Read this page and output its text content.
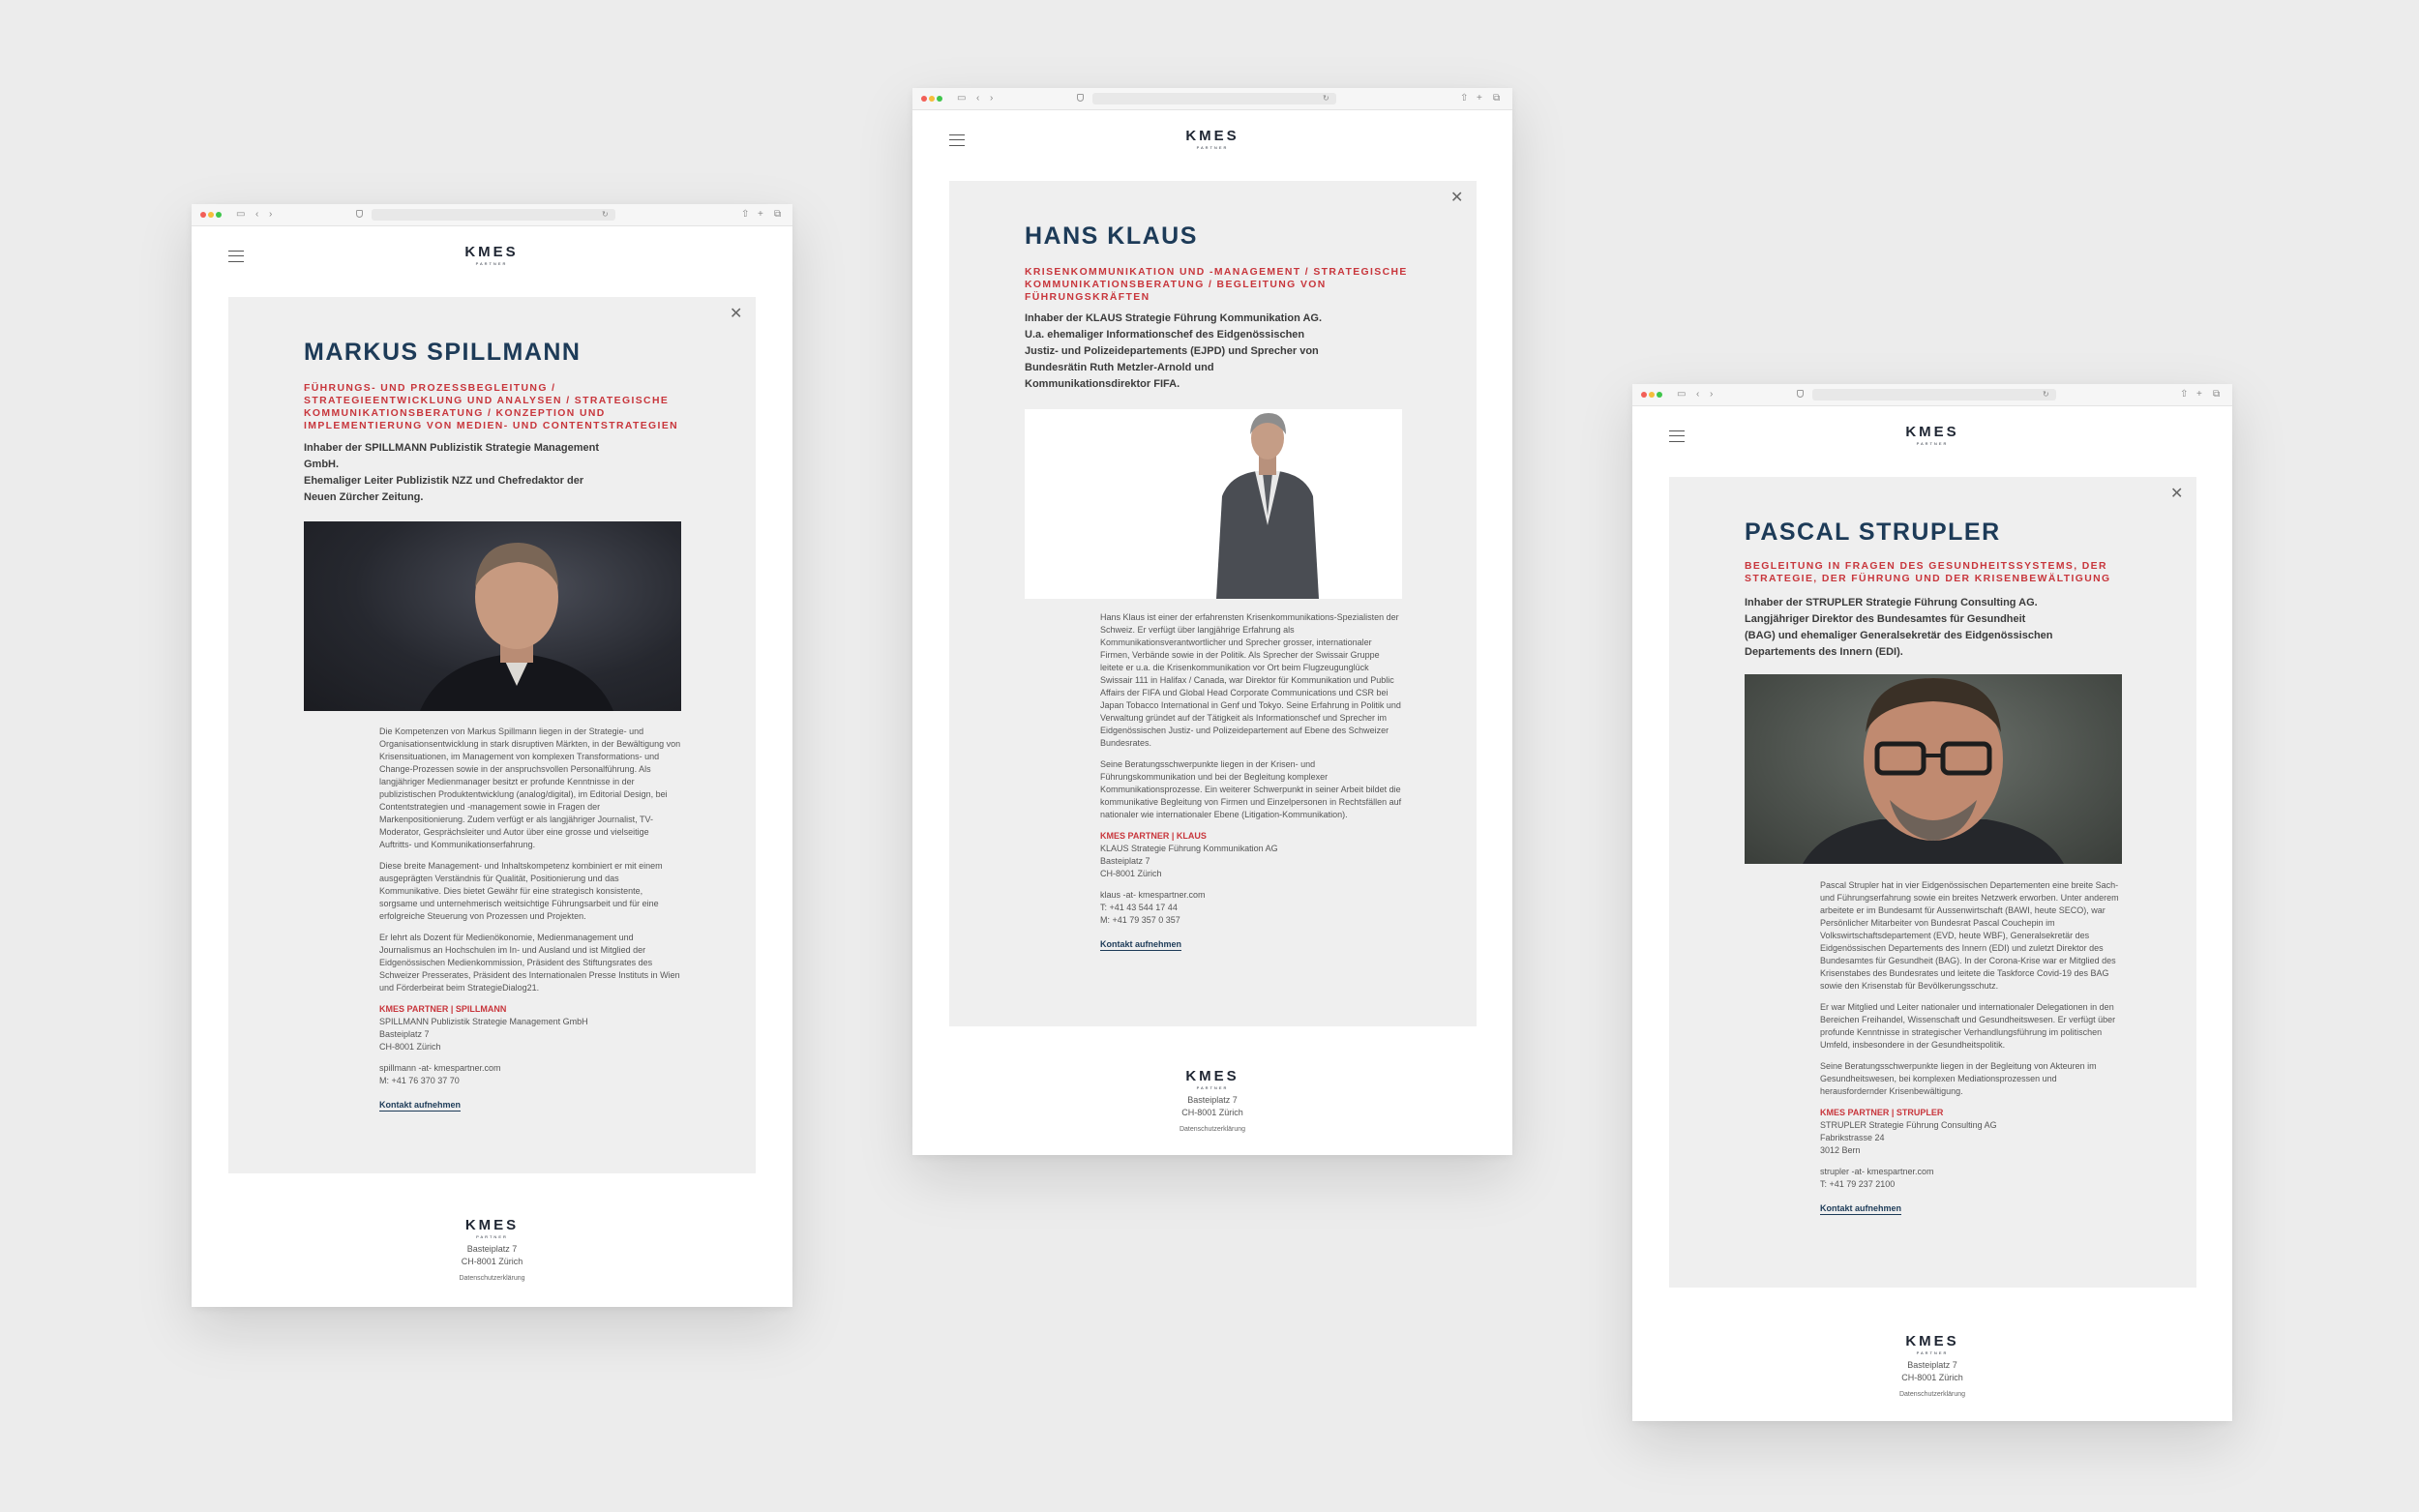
▭ ‹ ›	↻	⇧ + ⧉
KMES
PARTNER
✕
MARKUS SPILLMANN

FÜHRUNGS- UND PROZESSBEGLEITUNG / STRATEGIEENTWICKLUNG UND ANALYSEN / STRATEGISCHE KOMMUNIKATIONSBERATUNG / KONZEPTION UND IMPLEMENTIERUNG VON MEDIEN- UND CONTENTSTRATEGIEN

Inhaber der SPILLMANN Publizistik Strategie Management GmbH.
Ehemaliger Leiter Publizistik NZZ und Chefredaktor der Neuen Zürcher Zeitung.

Die Kompetenzen von Markus Spillmann liegen in der Strategie- und Organisationsentwicklung in stark disruptiven Märkten, in der Bewältigung von Krisensituationen, im Management von komplexen Transformations- und Change-Prozessen sowie in der anspruchsvollen Personalführung. Als langjähriger Medienmanager besitzt er profunde Kenntnisse in der publizistischen Produktentwicklung (analog/digital), im Editorial Design, bei Contentstrategien und -management sowie in Fragen der Markenpositionierung. Zudem verfügt er als langjähriger Journalist, TV-Moderator, Gesprächsleiter und Autor über eine grosse und vielseitige Auftritts- und Kommunikationserfahrung.

Diese breite Management- und Inhaltskompetenz kombiniert er mit einem ausgeprägten Verständnis für Qualität, Positionierung und das Kommunikative. Dies bietet Gewähr für eine strategisch konsistente, sorgsame und unternehmerisch weitsichtige Führungsarbeit und für eine erfolgreiche Steuerung von Prozessen und Projekten.

Er lehrt als Dozent für Medienökonomie, Medienmanagement und Journalismus an Hochschulen im In- und Ausland und ist Mitglied der Eidgenössischen Medienkommission, Präsident des Stiftungsrates des Schweizer Presserates, Präsident des Internationalen Presse Instituts in Wien und Förderbeirat beim StrategieDialog21.

KMES PARTNER | SPILLMANN
SPILLMANN Publizistik Strategie Management GmbH
Basteiplatz 7
CH-8001 Zürich
spillmann -at- kmespartner.com
M: +41 76 370 37 70
Kontakt aufnehmen
KMES
PARTNER
Basteiplatz 7
CH-8001 Zürich
Datenschutzerklärung
▭ ‹ ›	↻	⇧ + ⧉
KMES
PARTNER
✕
HANS KLAUS

KRISENKOMMUNIKATION UND -MANAGEMENT / STRATEGISCHE KOMMUNIKATIONSBERATUNG / BEGLEITUNG VON FÜHRUNGSKRÄFTEN

Inhaber der KLAUS Strategie Führung Kommunikation AG.
U.a. ehemaliger Informationschef des Eidgenössischen Justiz- und Polizeidepartements (EJPD) und Sprecher von Bundesrätin Ruth Metzler-Arnold und Kommunikationsdirektor FIFA.

Hans Klaus ist einer der erfahrensten Krisenkommunikations-Spezialisten der Schweiz. Er verfügt über langjährige Erfahrung als Kommunikationsverantwortlicher und Sprecher grosser, internationaler Firmen, Verbände sowie in der Politik. Als Sprecher der Swissair Gruppe leitete er u.a. die Krisenkommunikation vor Ort beim Flugzeugunglück Swissair 111 in Halifax / Canada, war Direktor für Kommunikation und Public Affairs der FIFA und Global Head Corporate Communications und CSR bei Japan Tobacco International in Genf und Tokyo. Seine Erfahrung in Politik und Verwaltung gründet auf der Tätigkeit als Informationschef und Sprecher im Eidgenössischen Justiz- und Polizeidepartement auf Ebene des Schweizer Bundesrates.

Seine Beratungsschwerpunkte liegen in der Krisen- und Führungskommunikation und bei der Begleitung komplexer Kommunikationsprozesse. Ein weiterer Schwerpunkt in seiner Arbeit bildet die kommunikative Begleitung von Firmen und Einzelpersonen in Rechtsfällen auf nationaler wie internationaler Ebene (Litigation-Kommunikation).

KMES PARTNER | KLAUS
KLAUS Strategie Führung Kommunikation AG
Basteiplatz 7
CH-8001 Zürich
klaus -at- kmespartner.com
T: +41 43 544 17 44
M: +41 79 357 0 357
Kontakt aufnehmen
KMES
PARTNER
Basteiplatz 7
CH-8001 Zürich
Datenschutzerklärung
▭ ‹ ›	↻	⇧ + ⧉
KMES
PARTNER
✕
PASCAL STRUPLER

BEGLEITUNG IN FRAGEN DES GESUNDHEITSSYSTEMS, DER STRATEGIE, DER FÜHRUNG UND DER KRISENBEWÄLTIGUNG

Inhaber der STRUPLER Strategie Führung Consulting AG.
Langjähriger Direktor des Bundesamtes für Gesundheit (BAG) und ehemaliger Generalsekretär des Eidgenössischen Departements des Innern (EDI).

Pascal Strupler hat in vier Eidgenössischen Departementen eine breite Sach- und Führungserfahrung sowie ein breites Netzwerk erworben. Unter anderem arbeitete er im Bundesamt für Aussenwirtschaft (BAWI, heute SECO), war Persönlicher Mitarbeiter von Bundesrat Pascal Couchepin im Volkswirtschaftsdepartement (EVD, heute WBF), Generalsekretär des Eidgenössischen Departements des Innern (EDI) und zuletzt Direktor des Bundesamtes für Gesundheit (BAG). In der Corona-Krise war er Mitglied des Krisenstabes des Bundesrates und leitete die Taskforce Covid-19 des BAG sowie den Krisenstab für Bevölkerungsschutz.

Er war Mitglied und Leiter nationaler und internationaler Delegationen in den Bereichen Freihandel, Wissenschaft und Gesundheitswesen. Er verfügt über profunde Kenntnisse in strategischer Verhandlungsführung im politischen Umfeld, insbesondere in der Gesundheitspolitik.

Seine Beratungsschwerpunkte liegen in der Begleitung von Akteuren im Gesundheitswesen, bei komplexen Mediationsprozessen und herausfordernder Krisenbewältigung.

KMES PARTNER | STRUPLER
STRUPLER Strategie Führung Consulting AG
Fabrikstrasse 24
3012 Bern
strupler -at- kmespartner.com
T: +41 79 237 2100
Kontakt aufnehmen
KMES
PARTNER
Basteiplatz 7
CH-8001 Zürich
Datenschutzerklärung
